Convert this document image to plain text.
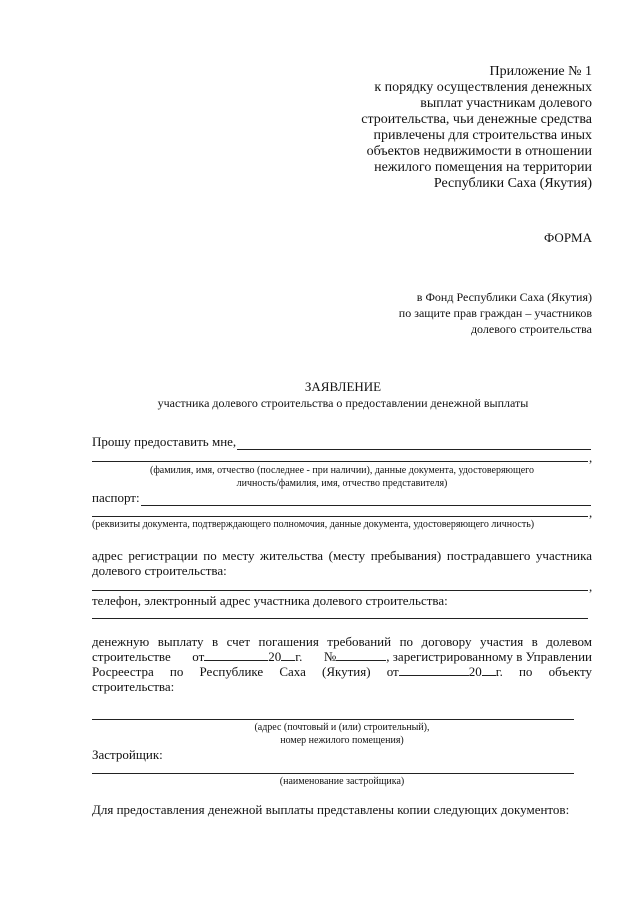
Приложение № 1
к порядку осуществления денежных
выплат участникам долевого
строительства, чьи денежные средства
привлечены для строительства иных
объектов недвижимости в отношении
нежилого помещения на территории
Республики Саха (Якутия)
ФОРМА
в Фонд Республики Саха (Якутия)
по защите прав граждан – участников
долевого строительства
ЗАЯВЛЕНИЕ
участника долевого строительства о предоставлении денежной выплаты
Прошу предоставить мне,
,
(фамилия, имя, отчество (последнее - при наличии), данные документа, удостоверяющего
личность/фамилия, имя, отчество представителя)
паспорт:
,
(реквизиты документа, подтверждающего полномочия, данные документа, удостоверяющего личность)
адрес регистрации по месту жительства (месту пребывания) пострадавшего участника
долевого строительства:
,
телефон, электронный адрес участника долевого строительства:
денежную выплату в счет погашения требований по договору участия в долевом
строительстве от	20 г. №	, зарегистрированному в Управлении
Росреестра по Республике Саха (Якутия) от	20 г. по объекту
строительства:
(адрес (почтовый и (или) строительный),
номер нежилого помещения)
Застройщик:
(наименование застройщика)
Для предоставления денежной выплаты представлены копии следующих документов:
